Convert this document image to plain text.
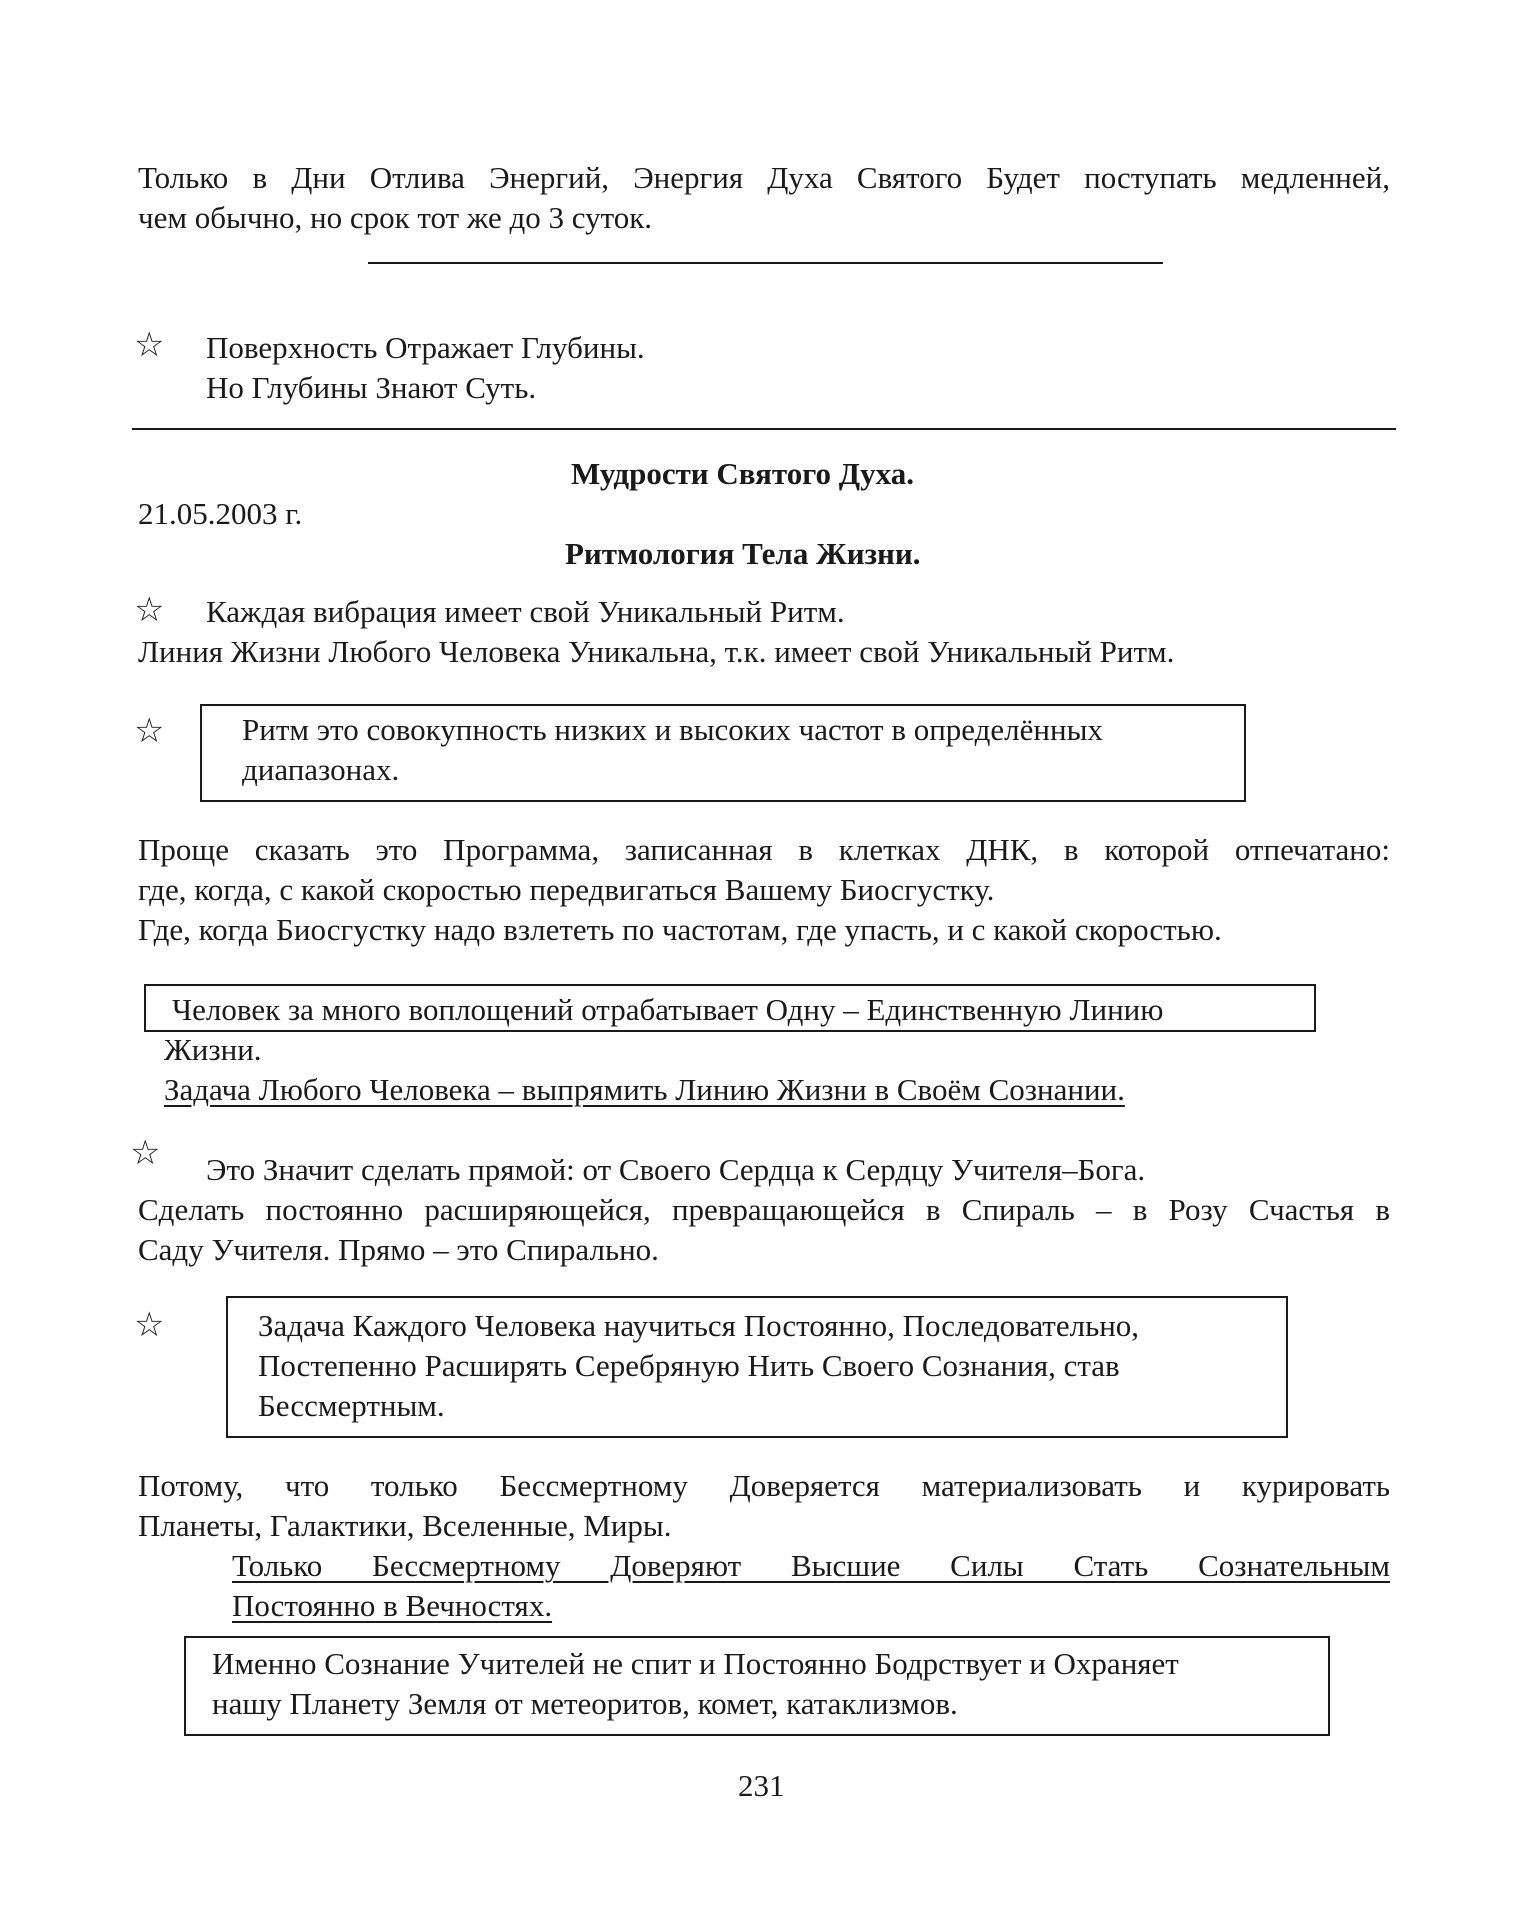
Только в Дни Отлива Энергий, Энергия Духа Святого Будет поступать медленней,

чем обычно, но срок тот же до 3 суток.

☆ Поверхность Отражает Глубины.

Но Глубины Знают Суть.

Мудрости Святого Духа.

21.05.2003 г.

Ритмология Тела Жизни.

☆ Каждая вибрация имеет свой Уникальный Ритм.

Линия Жизни Любого Человека Уникальна, т.к. имеет свой Уникальный Ритм.

☆	Ритм это совокупность низких и высоких частот в определённых

диапазонах.

Проще сказать это Программа, записанная в клетках ДНК, в которой отпечатано:

где, когда, с какой скоростью передвигаться Вашему Биосгустку.

Где, когда Биосгустку надо взлететь по частотам, где упасть, и с какой скоростью.

Человек за много воплощений отрабатывает Одну – Единственную Линию

Жизни.

Задача Любого Человека – выпрямить Линию Жизни в Своём Сознании.

☆ Это Значит сделать прямой: от Своего Сердца к Сердцу Учителя–Бога.

Сделать постоянно расширяющейся, превращающейся в Спираль – в Розу Счастья в

Саду Учителя. Прямо – это Спирально.

☆	Задача Каждого Человека научиться Постоянно, Последовательно,

Постепенно Расширять Серебряную Нить Своего Сознания, став

Бессмертным.

Потому, что только Бессмертному Доверяется материализовать и курировать

Планеты, Галактики, Вселенные, Миры.

Только Бессмертному Доверяют Высшие Силы Стать Сознательным

Постоянно в Вечностях.

Именно Сознание Учителей не спит и Постоянно Бодрствует и Охраняет

нашу Планету Земля от метеоритов, комет, катаклизмов.

231
